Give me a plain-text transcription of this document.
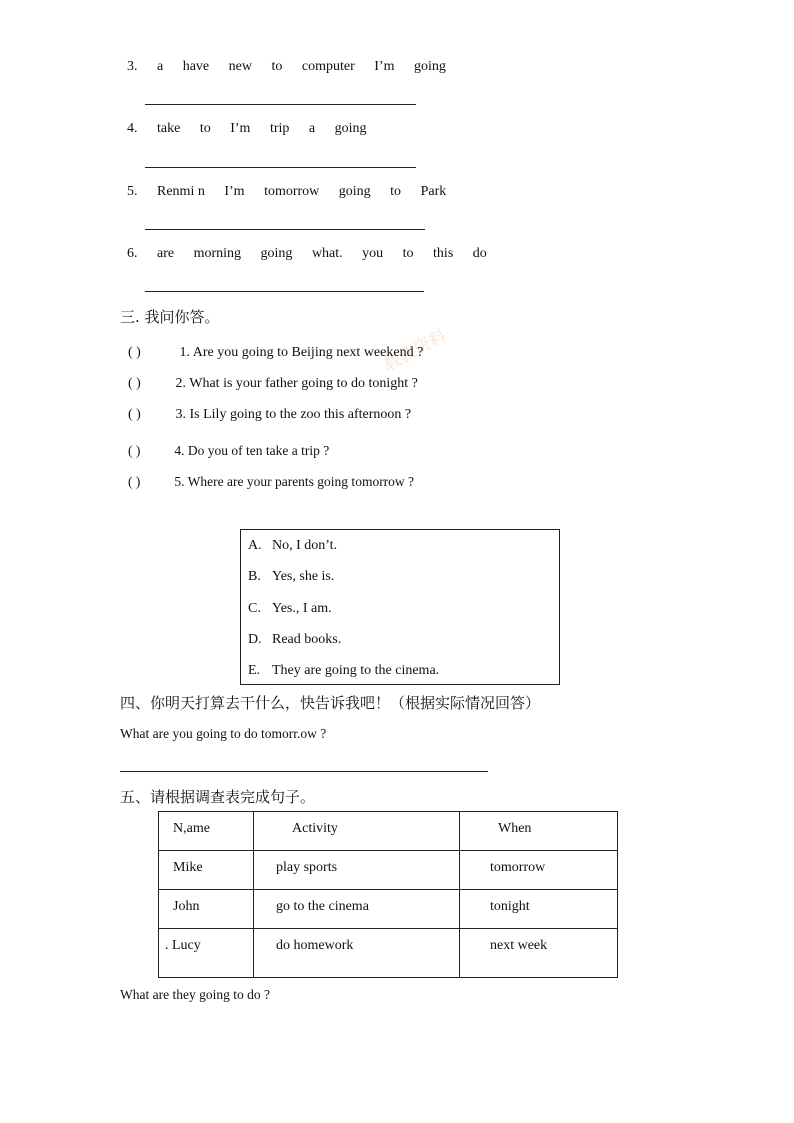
载教资料
3. a have new to computer I’m going
4. take to I’m trip a going
5. Renmi n I’m tomorrow going to Park
6. are morning going what. you to this do
三. 我问你答。
( )	1. Are you going to Beijing next weekend ?
( ) 2. What is your father going to do tonight ?
( ) 3. Is Lily going to the zoo this afternoon ?
( )	4. Do you of ten take a trip ?
( )	5. Where are your parents going tomorrow ?
A. No, I don’t.
B. Yes, she is.
C. Yes., I am.
D. Read books.
E. They are going to the cinema.
四、你明天打算去干什么，快告诉我吧！（根据实际情况回答）
What are you going to do tomorr.ow ?
五、请根据调查表完成句子。
N,ame	Activity	When
Mike	play sports	tomorrow
John	go to the cinema	tonight
. Lucy	do homework	next week
What are they going to do ?
